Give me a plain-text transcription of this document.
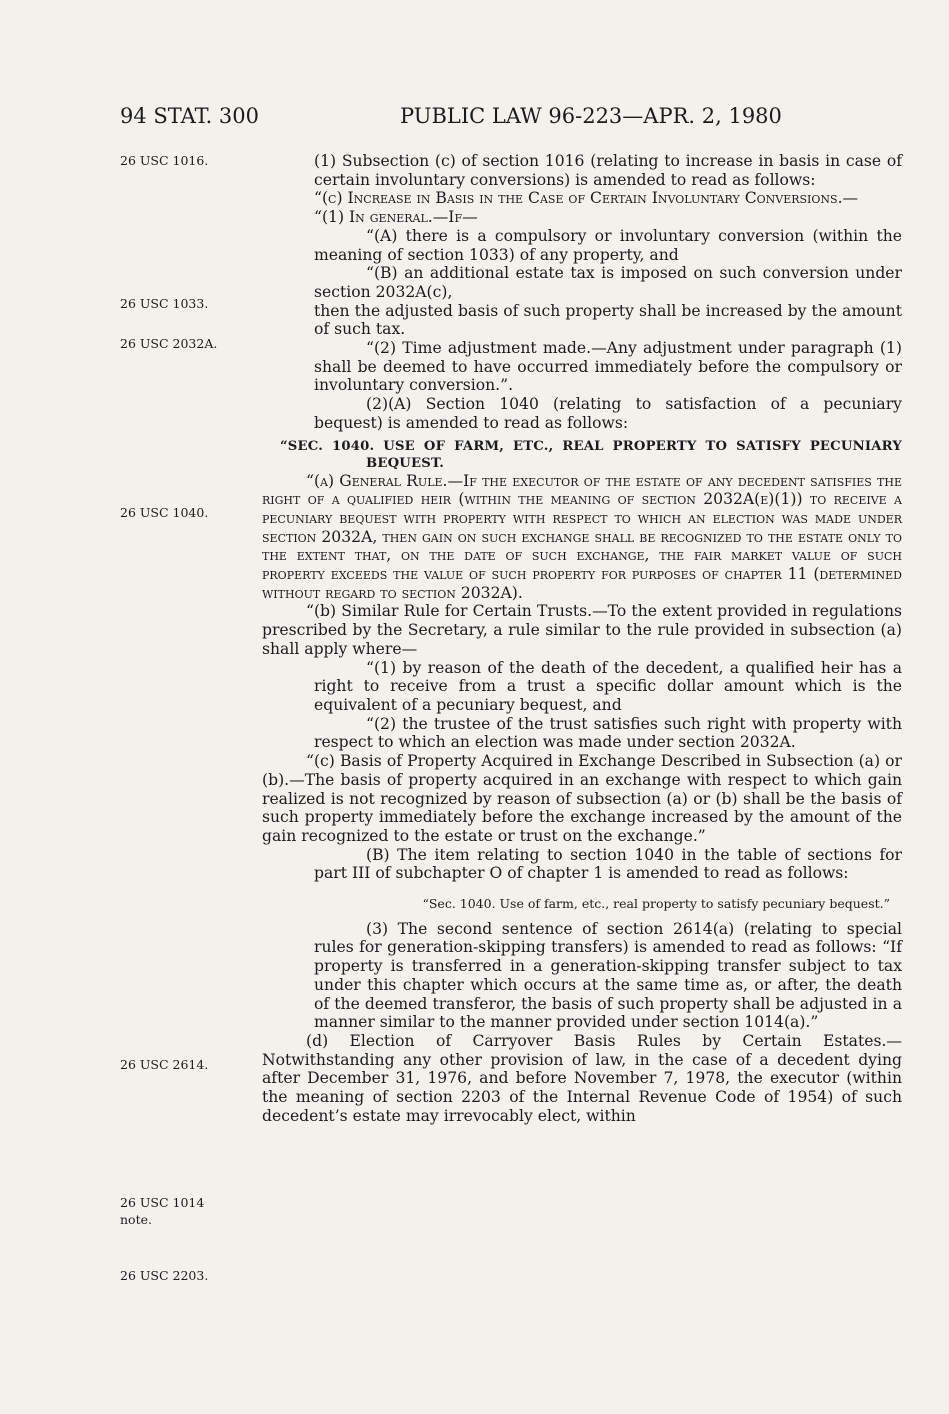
94 STAT. 300	PUBLIC LAW 96-223—APR. 2, 1980
26 USC 1016.
26 USC 1033.
26 USC 2032A.
26 USC 1040.
26 USC 2614.
26 USC 1014
note.
26 USC 2203.

(1) Subsection (c) of section 1016 (relating to increase in basis in case of certain involuntary conversions) is amended to read as follows:

“(c) Increase in Basis in the Case of Certain Involuntary Conversions.—

“(1) In general.—If—

“(A) there is a compulsory or involuntary conversion (within the meaning of section 1033) of any property, and

“(B) an additional estate tax is imposed on such conversion under section 2032A(c),

then the adjusted basis of such property shall be increased by the amount of such tax.

“(2) Time adjustment made.—Any adjustment under paragraph (1) shall be deemed to have occurred immediately before the compulsory or involuntary conversion.”.

(2)(A) Section 1040 (relating to satisfaction of a pecuniary bequest) is amended to read as follows:

“SEC. 1040. USE OF FARM, ETC., REAL PROPERTY TO SATISFY PECUNIARY BEQUEST.

“(a) General Rule.—If the executor of the estate of any decedent satisfies the right of a qualified heir (within the meaning of section 2032A(e)(1)) to receive a pecuniary bequest with property with respect to which an election was made under section 2032A, then gain on such exchange shall be recognized to the estate only to the extent that, on the date of such exchange, the fair market value of such property exceeds the value of such property for purposes of chapter 11 (determined without regard to section 2032A).

“(b) Similar Rule for Certain Trusts.—To the extent provided in regulations prescribed by the Secretary, a rule similar to the rule provided in subsection (a) shall apply where—

“(1) by reason of the death of the decedent, a qualified heir has a right to receive from a trust a specific dollar amount which is the equivalent of a pecuniary bequest, and

“(2) the trustee of the trust satisfies such right with property with respect to which an election was made under section 2032A.

“(c) Basis of Property Acquired in Exchange Described in Subsection (a) or (b).—The basis of property acquired in an exchange with respect to which gain realized is not recognized by reason of subsection (a) or (b) shall be the basis of such property immediately before the exchange increased by the amount of the gain recognized to the estate or trust on the exchange.”

(B) The item relating to section 1040 in the table of sections for part III of subchapter O of chapter 1 is amended to read as follows:

“Sec. 1040. Use of farm, etc., real property to satisfy pecuniary bequest.”

(3) The second sentence of section 2614(a) (relating to special rules for generation-skipping transfers) is amended to read as follows: “If property is transferred in a generation-skipping transfer subject to tax under this chapter which occurs at the same time as, or after, the death of the deemed transferor, the basis of such property shall be adjusted in a manner similar to the manner provided under section 1014(a).”

(d) Election of Carryover Basis Rules by Certain Estates.—Notwithstanding any other provision of law, in the case of a decedent dying after December 31, 1976, and before November 7, 1978, the executor (within the meaning of section 2203 of the Internal Revenue Code of 1954) of such decedent’s estate may irrevocably elect, within
